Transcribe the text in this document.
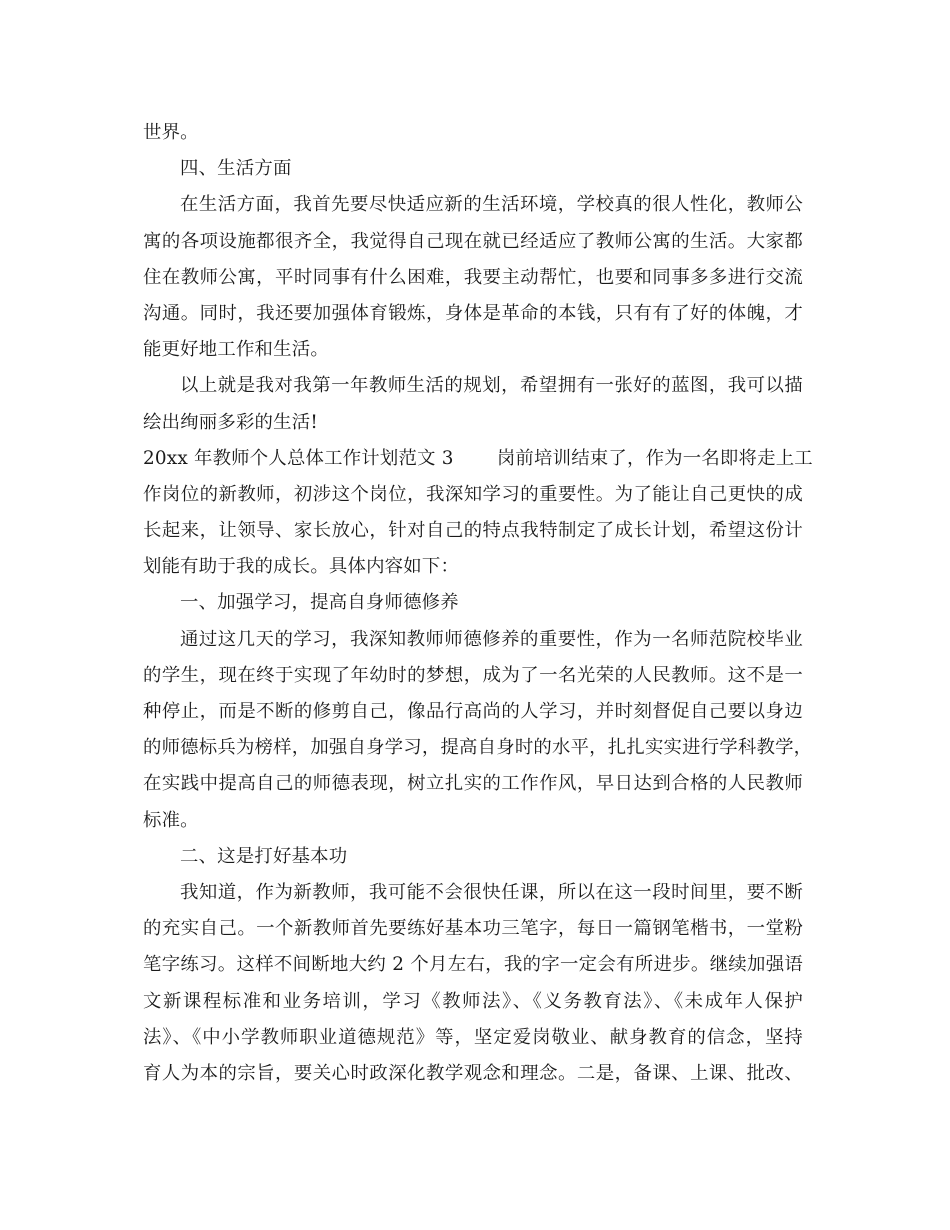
世界。
四、生活方面
在生活方面，我首先要尽快适应新的生活环境，学校真的很人性化，教师公
寓的各项设施都很齐全，我觉得自己现在就已经适应了教师公寓的生活。大家都
住在教师公寓，平时同事有什么困难，我要主动帮忙，也要和同事多多进行交流
沟通。同时，我还要加强体育锻炼，身体是革命的本钱，只有有了好的体魄，才
能更好地工作和生活。
以上就是我对我第一年教师生活的规划，希望拥有一张好的蓝图，我可以描
绘出绚丽多彩的生活!
20xx 年教师个人总体工作计划范文 3　　 岗前培训结束了，作为一名即将走上工
作岗位的新教师，初涉这个岗位，我深知学习的重要性。为了能让自己更快的成
长起来，让领导、家长放心，针对自己的特点我特制定了成长计划，希望这份计
划能有助于我的成长。具体内容如下：
一、加强学习，提高自身师德修养
通过这几天的学习，我深知教师师德修养的重要性，作为一名师范院校毕业
的学生，现在终于实现了年幼时的梦想，成为了一名光荣的人民教师。这不是一
种停止，而是不断的修剪自己，像品行高尚的人学习，并时刻督促自己要以身边
的师德标兵为榜样，加强自身学习，提高自身时的水平，扎扎实实进行学科教学，
在实践中提高自己的师德表现，树立扎实的工作作风，早日达到合格的人民教师
标准。
二、这是打好基本功
我知道，作为新教师，我可能不会很快任课，所以在这一段时间里，要不断
的充实自己。一个新教师首先要练好基本功三笔字，每日一篇钢笔楷书，一堂粉
笔字练习。这样不间断地大约 2 个月左右，我的字一定会有所进步。继续加强语
文新课程标准和业务培训，学习《教师法》、《义务教育法》、《未成年人保护
法》、《中小学教师职业道德规范》等，坚定爱岗敬业、献身教育的信念，坚持
育人为本的宗旨，要关心时政深化教学观念和理念。二是，备课、上课、批改、
